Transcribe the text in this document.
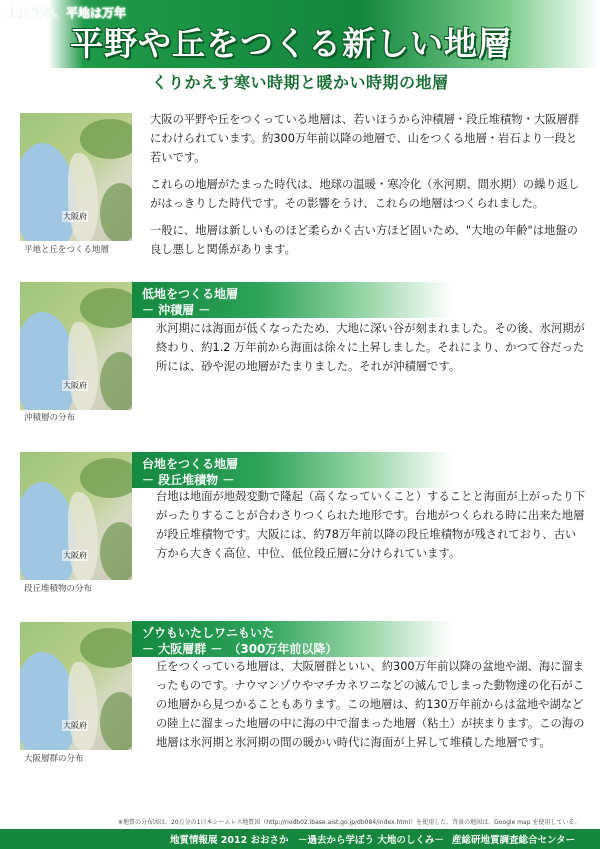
山は億年、平地は万年
平野や丘をつくる新しい地層
くりかえす寒い時期と暖かい時期の地層
大阪府
平地と丘をつくる地層

大阪の平野や丘をつくっている地層は、若いほうから沖積層・段丘堆積物・大阪層群にわけられています。約300万年前以降の地層で、山をつくる地層・岩石より一段と若いです。

これらの地層がたまった時代は、地球の温暖・寒冷化（氷河期、間氷期）の繰り返しがはっきりした時代です。その影響をうけ、これらの地層はつくられました。

一般に、地層は新しいものほど柔らかく古い方ほど固いため、"大地の年齢"は地盤の良し悪しと関係があります。

大阪府
沖積層の分布
低地をつくる地層
－ 沖積層 －
氷河期には海面が低くなったため、大地に深い谷が刻まれました。その後、氷河期が終わり、約1.2 万年前から海面は徐々に上昇しました。それにより、かつて谷だった所には、砂や泥の地層がたまりました。それが沖積層です。
大阪府
段丘堆積物の分布
台地をつくる地層
－ 段丘堆積物 －
台地は地面が地殻変動で隆起（高くなっていくこと）することと海面が上がったり下がったりすることが合わさりつくられた地形です。台地がつくられる時に出来た地層が段丘堆積物です。大阪には、約78万年前以降の段丘堆積物が残されており、古い方から大きく高位、中位、低位段丘層に分けられています。
大阪府
大阪層群の分布
ゾウもいたしワニもいた
－ 大阪層群 －　（300万年前以降）
丘をつくっている地層は、大阪層群といい、約300万年前以降の盆地や湖、海に溜まったものです。ナウマンゾウやマチカネワニなどの滅んでしまった動物達の化石がこの地層から見つかることもあります。この地層は、約130万年前からは盆地や湖などの陸上に溜まった地層の中に海の中で溜まった地層（粘土）が挟まります。この海の地層は氷河期と氷河期の間の暖かい時代に海面が上昇して堆積した地層です。
※地質の分布図は、20万分の1日本シームレス地質図（http://riodb02.ibase.aist.go.jp/db084/index.html）を使用した。背景の地図は、Google map を使用している。
地質情報展 2012 おおさか　－過去から学ぼう 大地のしくみ－ 産総研地質調査総合センター
